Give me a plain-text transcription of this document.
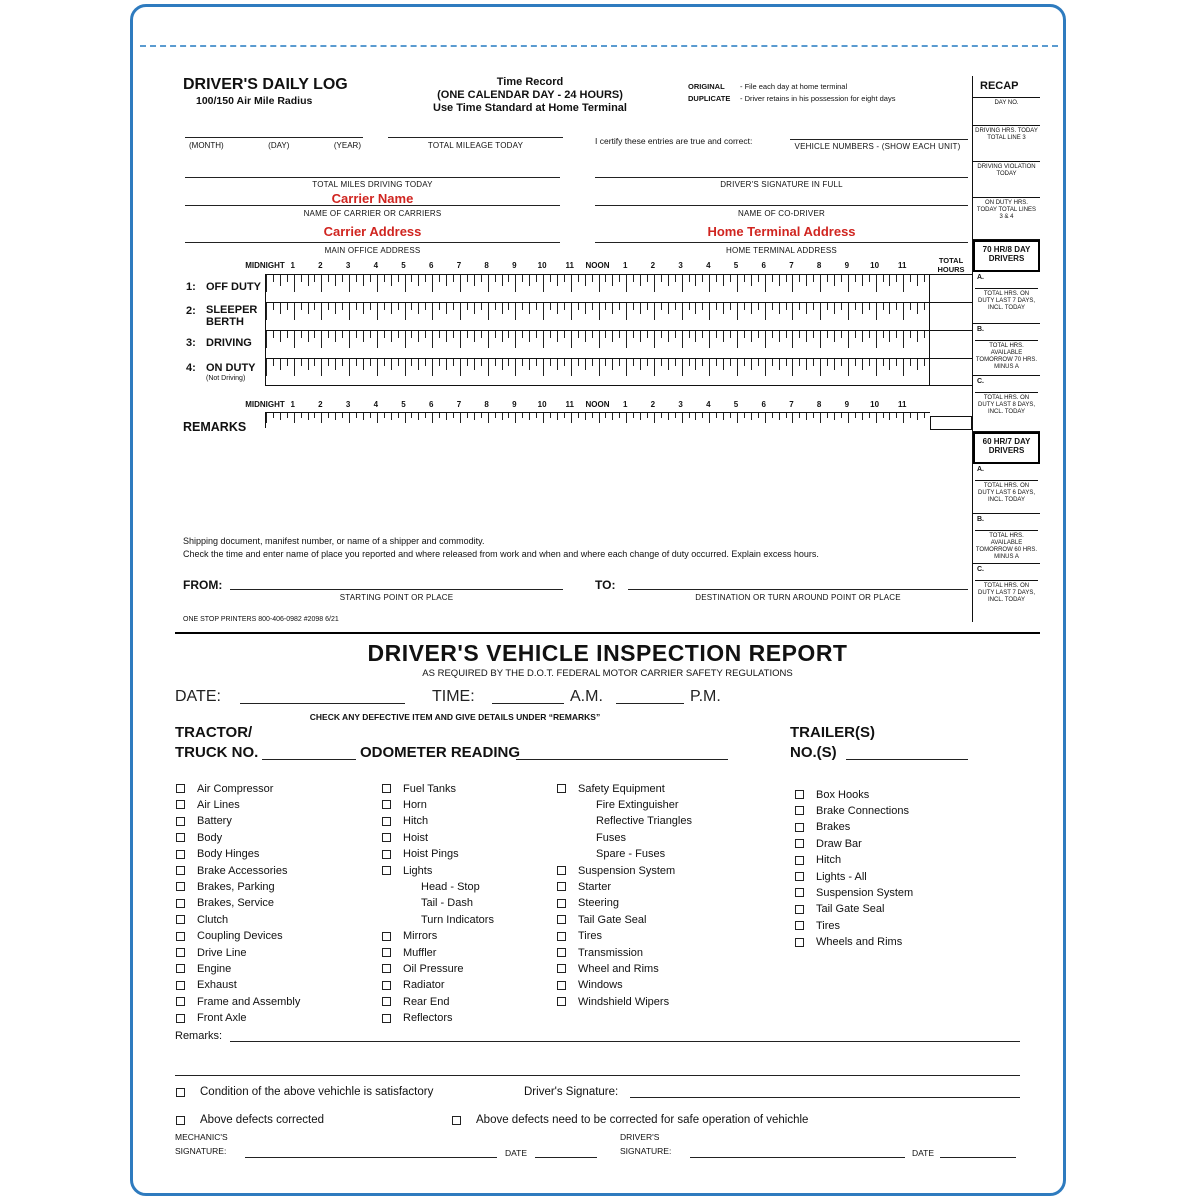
DRIVER'S DAILY LOG
100/150 Air Mile Radius
Time Record
(ONE CALENDAR DAY - 24 HOURS)
Use Time Standard at Home Terminal
ORIGINAL	- File each day at home terminal
DUPLICATE	- Driver retains in his possession for eight days
RECAP
DAY NO.
DRIVING HRS. TODAY TOTAL LINE 3
DRIVING VIOLATION TODAY
ON DUTY HRS. TODAY TOTAL LINES 3 & 4
70 HR/8 DAY DRIVERS
A.
TOTAL HRS. ON DUTY LAST 7 DAYS, INCL. TODAY
B.
TOTAL HRS. AVAILABLE TOMORROW 70 HRS. MINUS A
C.
TOTAL HRS. ON DUTY LAST 8 DAYS, INCL. TODAY
60 HR/7 DAY DRIVERS
A.
TOTAL HRS. ON DUTY LAST 6 DAYS, INCL. TODAY
B.
TOTAL HRS. AVAILABLE TOMORROW 60 HRS. MINUS A
C.
TOTAL HRS. ON DUTY LAST 7 DAYS, INCL. TODAY
(MONTH)	(DAY)	(YEAR)	TOTAL MILEAGE TODAY	I certify these entries are true and correct:
VEHICLE NUMBERS - (SHOW EACH UNIT)
TOTAL MILES DRIVING TODAY
Carrier Name
NAME OF CARRIER OR CARRIERS
Carrier Address
MAIN OFFICE ADDRESS
DRIVER'S SIGNATURE IN FULL
NAME OF CO-DRIVER
Home Terminal Address
HOME TERMINAL ADDRESS
MIDNIGHT 1	2	3	4	5	6	7	8	9	10 11 NOON 1	2	3	4	5	6	7	8	9	10 11
TOTAL HOURS
1: OFF DUTY
2: SLEEPER BERTH
3: DRIVING
4: ON DUTY
(Not Driving)
MIDNIGHT 1	2	3	4	5	6	7	8	9	10 11 NOON 1	2	3	4	5	6	7	8	9	10 11
REMARKS
Shipping document, manifest number, or name of a shipper and commodity.
Check the time and enter name of place you reported and where released from work and when and where each change of duty occurred. Explain excess hours.
FROM:
STARTING POINT OR PLACE
TO:
DESTINATION OR TURN AROUND POINT OR PLACE
ONE STOP PRINTERS 800-406-0982 #2098 6/21
DRIVER'S VEHICLE INSPECTION REPORT
AS REQUIRED BY THE D.O.T. FEDERAL MOTOR CARRIER SAFETY REGULATIONS
DATE:	TIME:	A.M.	P.M.
CHECK ANY DEFECTIVE ITEM AND GIVE DETAILS UNDER “REMARKS”
TRACTOR/
TRUCK NO.	ODOMETER READING
TRAILER(S)
NO.(S)
Remarks:
Condition of the above vehichle is satisfactory	Driver's Signature:
Above defects corrected	Above defects need to be corrected for safe operation of vehichle
MECHANIC'S
SIGNATURE:	DATE
DRIVER'S
SIGNATURE:	DATE
Air Compressor
Air Lines
Battery
Body
Body Hinges
Brake Accessories
Brakes, Parking
Brakes, Service
Clutch
Coupling Devices
Drive Line
Engine
Exhaust
Frame and Assembly
Front Axle
Fuel Tanks
Horn
Hitch
Hoist
Hoist Pings
Lights
Head - Stop
Tail - Dash
Turn Indicators
Mirrors
Muffler
Oil Pressure
Radiator
Rear End
Reflectors
Safety Equipment
Fire Extinguisher
Reflective Triangles
Fuses
Spare - Fuses
Suspension System
Starter
Steering
Tail Gate Seal
Tires
Transmission
Wheel and Rims
Windows
Windshield Wipers
Box Hooks
Brake Connections
Brakes
Draw Bar
Hitch
Lights - All
Suspension System
Tail Gate Seal
Tires
Wheels and Rims
